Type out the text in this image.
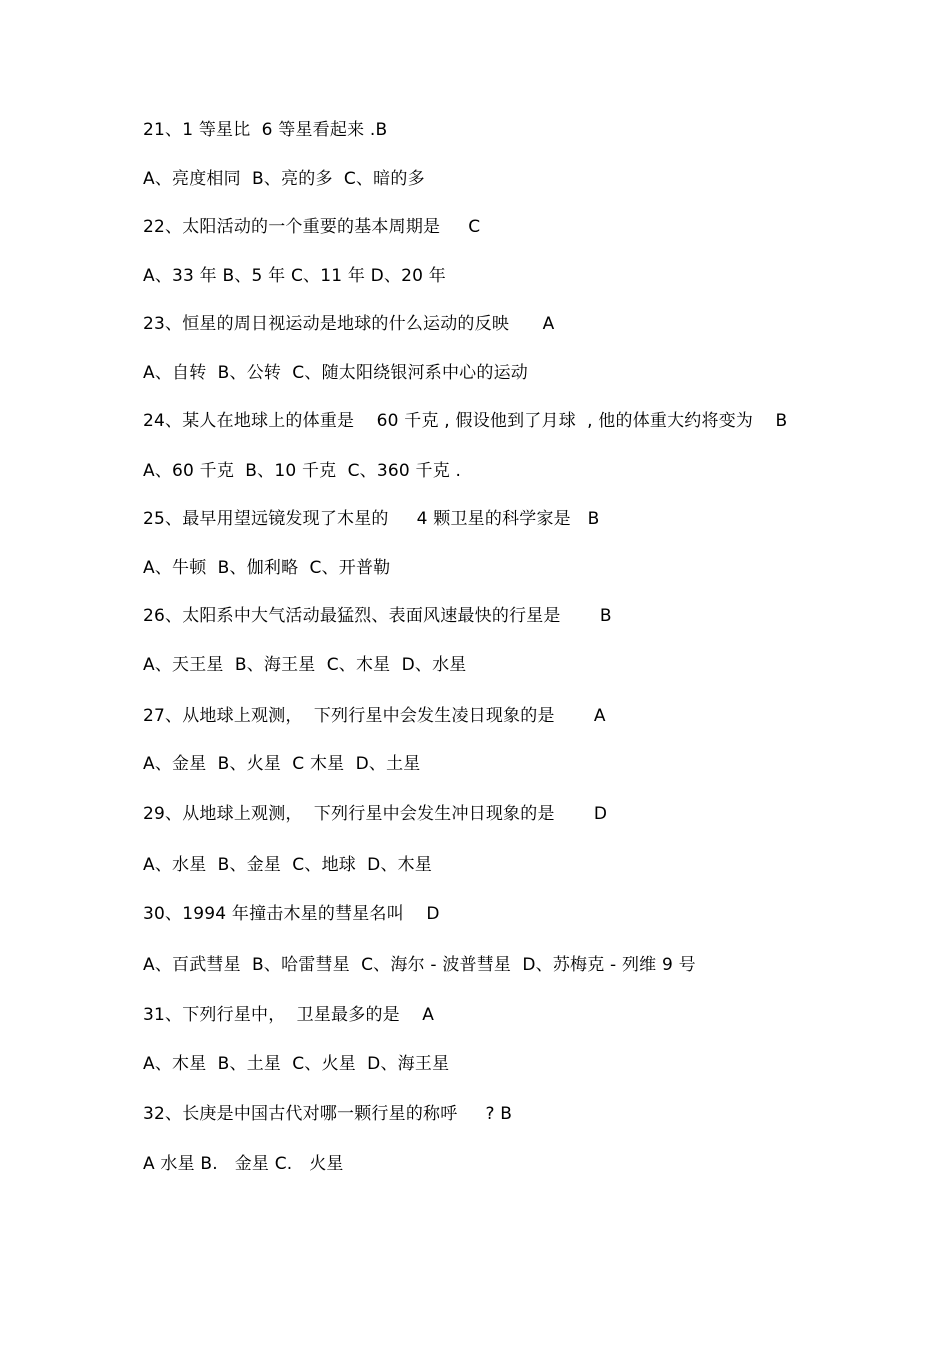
21、1 等星比  6 等星看起来 .B
A、亮度相同  B、亮的多  C、暗的多
22、太阳活动的一个重要的基本周期是     C
A、33 年 B、5 年 C、11 年 D、20 年
23、恒星的周日视运动是地球的什么运动的反映      A
A、自转  B、公转  C、随太阳绕银河系中心的运动
24、某人在地球上的体重是    60 千克 , 假设他到了月球  , 他的体重大约将变为    B
A、60 千克  B、10 千克  C、360 千克 .
25、最早用望远镜发现了木星的     4 颗卫星的科学家是   B
A、牛顿  B、伽利略  C、开普勒
26、太阳系中大气活动最猛烈、表面风速最快的行星是       B
A、天王星  B、海王星  C、木星  D、水星
27、从地球上观测，  下列行星中会发生凌日现象的是       A
A、金星  B、火星  C 木星  D、土星
29、从地球上观测，  下列行星中会发生冲日现象的是       D
A、水星  B、金星  C、地球  D、木星
30、1994 年撞击木星的彗星名叫    D
A、百武彗星  B、哈雷彗星  C、海尔 - 波普彗星  D、苏梅克 - 列维 9 号
31、下列行星中，  卫星最多的是    A
A、木星  B、土星  C、火星  D、海王星
32、长庚是中国古代对哪一颗行星的称呼     ? B
A 水星 B.   金星 C.   火星
